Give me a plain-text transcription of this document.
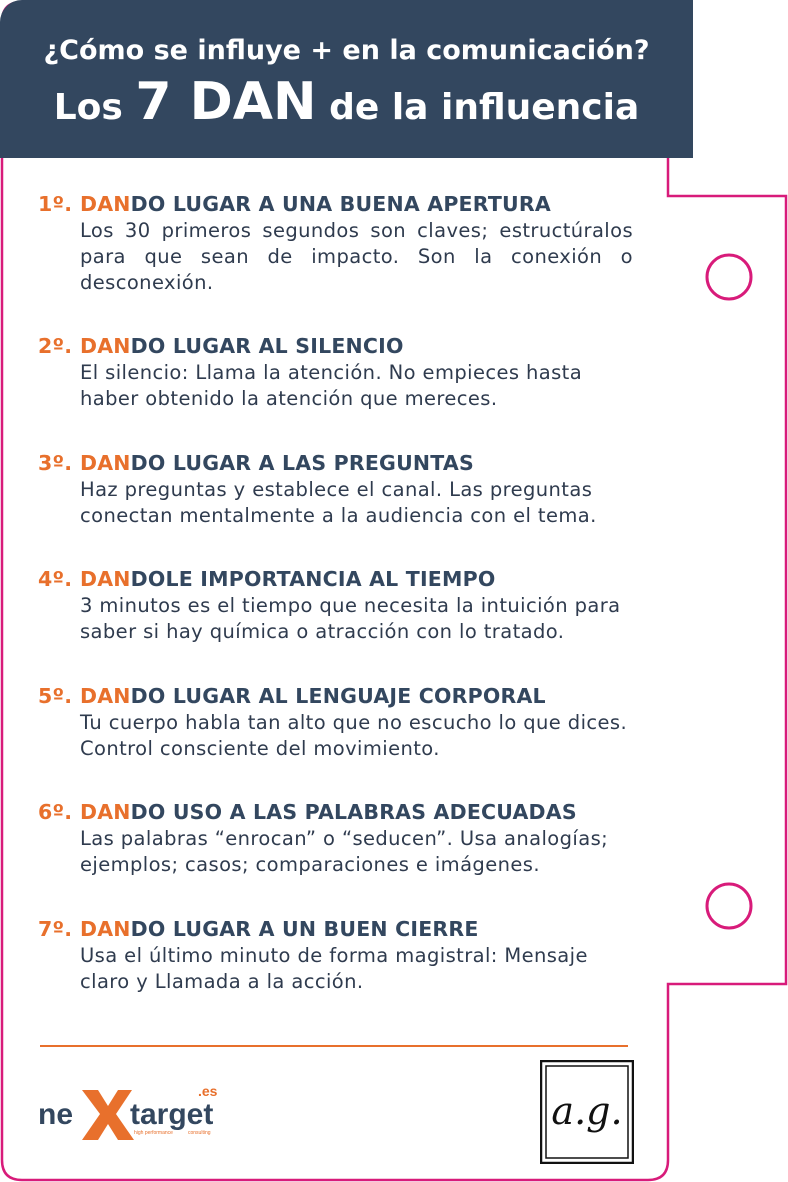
¿Cómo se influye + en la comunicación?
Los 7 DAN de la influencia
1º. DANDO LUGAR A UNA BUENA APERTURA
Los 30 primeros segundos son claves; estructúralos para que sean de impacto. Son la conexión o desconexión.
2º. DANDO LUGAR AL SILENCIO
El silencio: Llama la atención. No empieces hasta haber obtenido la atención que mereces.
3º. DANDO LUGAR A LAS PREGUNTAS
Haz preguntas y establece el canal. Las preguntas conectan mentalmente a la audiencia con el tema.
4º. DANDOLE IMPORTANCIA AL TIEMPO
3 minutos es el tiempo que necesita la intuición para saber si hay química o atracción con lo tratado.
5º. DANDO LUGAR AL LENGUAJE CORPORAL
Tu cuerpo habla tan alto que no escucho lo que dices. Control consciente del movimiento.
6º. DANDO USO A LAS PALABRAS ADECUADAS
Las palabras “enrocan” o “seducen”. Usa analogías; ejemplos; casos; comparaciones e imágenes.
7º. DANDO LUGAR A UN BUEN CIERRE
Usa el último minuto de forma magistral: Mensaje claro y Llamada a la acción.
ne target
.es
high performance	consulting	a.g.
